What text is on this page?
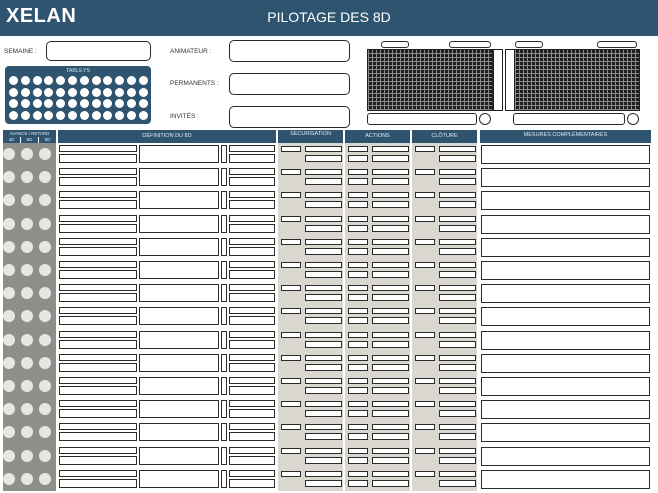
XELAN	PILOTAGE DES 8D
SEMAINE :
TABLEYS
ANIMATEUR :
PERMANENTS :
INVITÉS :
AVANCE / RETARD
4D	6D	8D
DÉFINITION DU 8D	SÉCURISATION	ACTIONS	CLÔTURE	MESURES COMPLÉMENTAIRES
